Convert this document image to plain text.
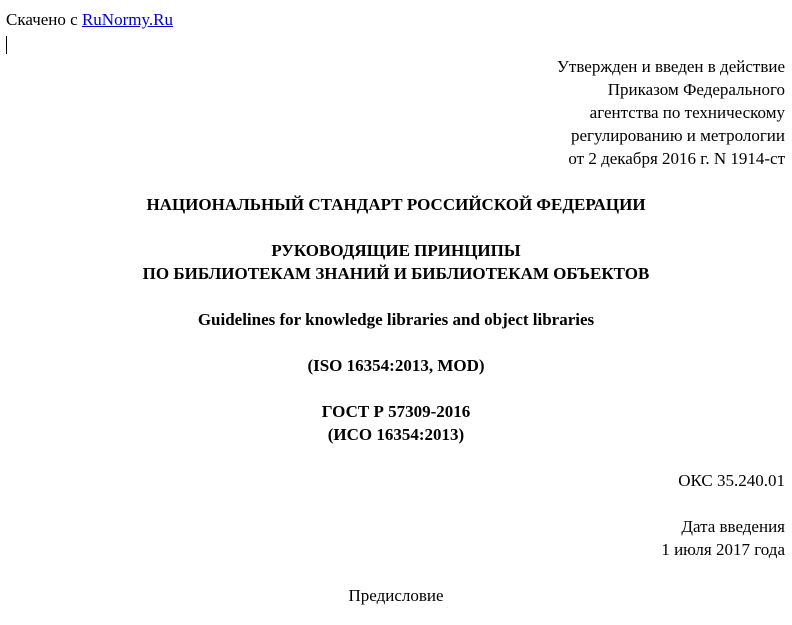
Скачено с RuNormy.Ru

Утвержден и введен в действие

Приказом Федерального

агентства по техническому

регулированию и метрологии

от 2 декабря 2016 г. N 1914-ст

НАЦИОНАЛЬНЫЙ СТАНДАРТ РОССИЙСКОЙ ФЕДЕРАЦИИ

РУКОВОДЯЩИЕ ПРИНЦИПЫ

ПО БИБЛИОТЕКАМ ЗНАНИЙ И БИБЛИОТЕКАМ ОБЪЕКТОВ

Guidelines for knowledge libraries and object libraries

(ISO 16354:2013, MOD)

ГОСТ Р 57309-2016

(ИСО 16354:2013)

ОКС 35.240.01

Дата введения

1 июля 2017 года

Предисловие
